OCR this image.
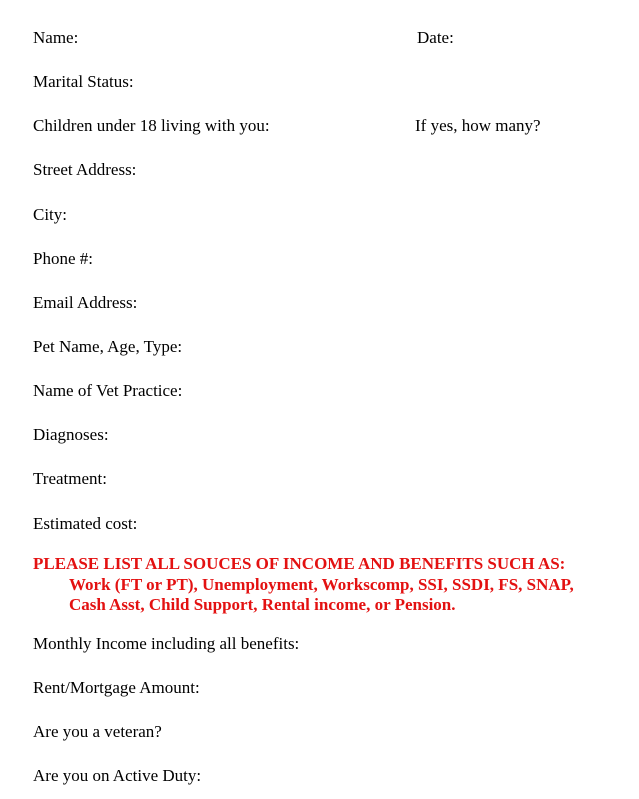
Name:	Date:
Marital Status:
Children under 18 living with you:	If yes, how many?
Street Address:
City:
Phone #:
Email Address:
Pet Name, Age, Type:
Name of Vet Practice:
Diagnoses:
Treatment:
Estimated cost:
PLEASE LIST ALL SOUCES OF INCOME AND BENEFITS SUCH AS:
Work (FT or PT), Unemployment, Workscomp, SSI, SSDI, FS, SNAP,
Cash Asst, Child Support, Rental income, or Pension.
Monthly Income including all benefits:
Rent/Mortgage Amount:
Are you a veteran?
Are you on Active Duty:
